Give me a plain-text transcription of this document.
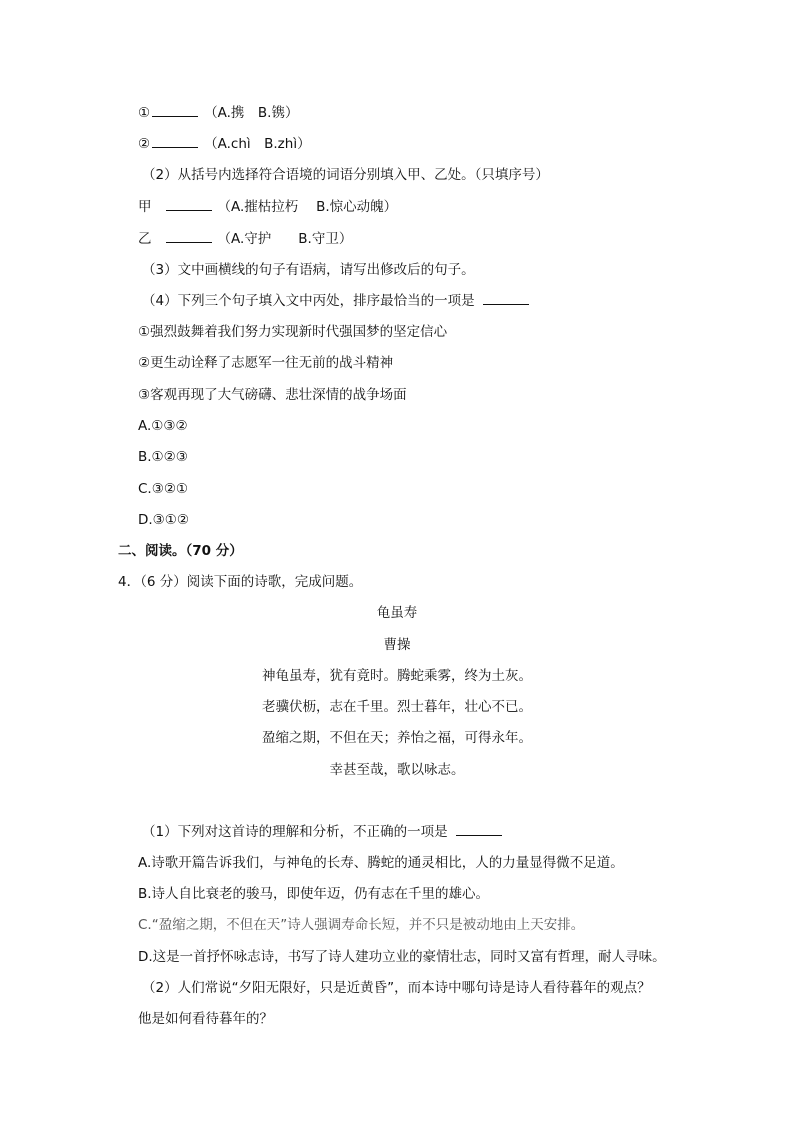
①	（A.携　B.镌）
②	（A.chì　B.zhì）
（2）从括号内选择符合语境的词语分别填入甲、乙处。（只填序号）
甲	（A.摧枯拉朽　 B.惊心动魄）
乙	（A.守护　　B.守卫）
（3）文中画横线的句子有语病，请写出修改后的句子。
（4）下列三个句子填入文中丙处，排序最恰当的一项是
①强烈鼓舞着我们努力实现新时代强国梦的坚定信心
②更生动诠释了志愿军一往无前的战斗精神
③客观再现了大气磅礴、悲壮深情的战争场面
A.①③②
B.①②③
C.③②①
D.③①②
二、阅读。（70 分）
4．（6 分）阅读下面的诗歌，完成问题。
龟虽寿
曹操
神龟虽寿，犹有竟时。腾蛇乘雾，终为土灰。
老骥伏枥，志在千里。烈士暮年，壮心不已。
盈缩之期，不但在天；养怡之福，可得永年。
幸甚至哉，歌以咏志。
（1）下列对这首诗的理解和分析，不正确的一项是
A.诗歌开篇告诉我们，与神龟的长寿、腾蛇的通灵相比，人的力量显得微不足道。
B.诗人自比衰老的骏马，即使年迈，仍有志在千里的雄心。
C.“盈缩之期，不但在天”诗人强调寿命长短，并不只是被动地由上天安排。
D.这是一首抒怀咏志诗，书写了诗人建功立业的豪情壮志，同时又富有哲理，耐人寻味。
（2）人们常说“夕阳无限好，只是近黄昏”，而本诗中哪句诗是诗人看待暮年的观点？
他是如何看待暮年的？
